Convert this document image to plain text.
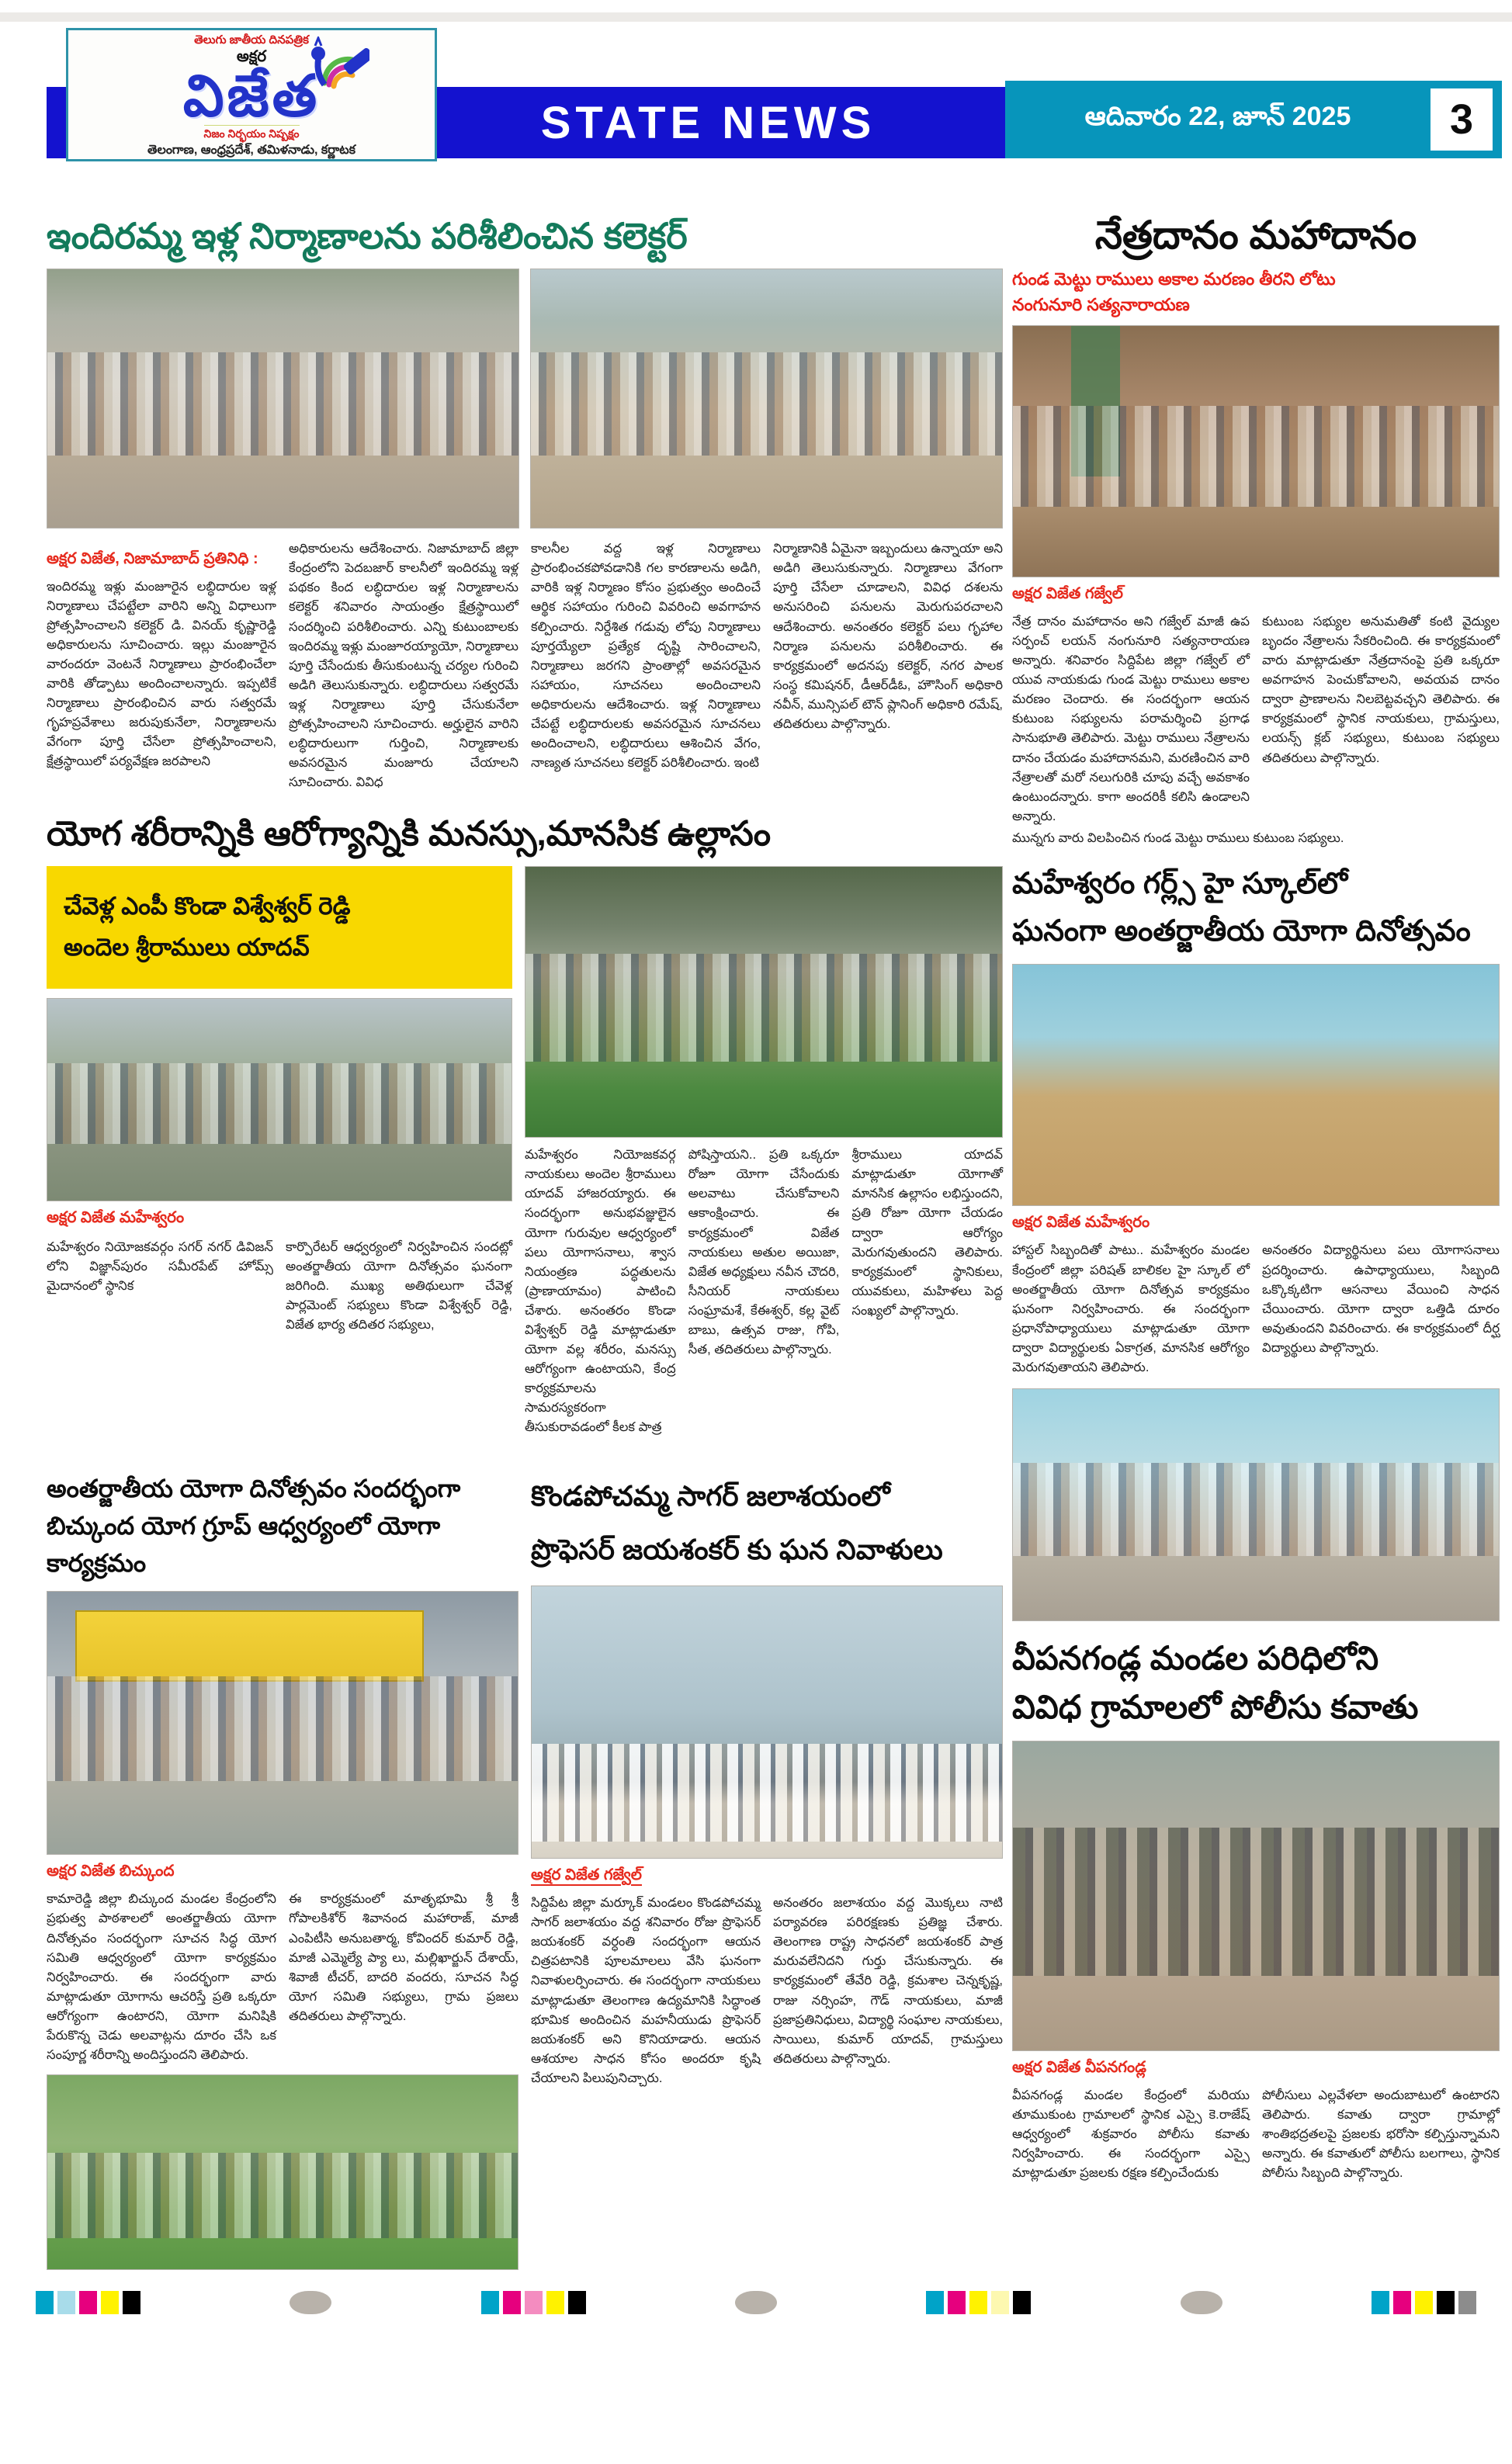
STATE NEWS
తెలుగు జాతీయ దినపత్రిక
అక్షర
విజేత
నిజం నిర్భయం నిష్పక్షం
తెలంగాణ, ఆంధ్రప్రదేశ్, తమిళనాడు, కర్ణాటక
ఆదివారం 22, జూన్ 2025	3
ఇందిరమ్మ ఇళ్ల నిర్మాణాలను పరిశీలించిన కలెక్టర్
అక్షర విజేత, నిజామాబాద్ ప్రతినిధి :
ఇందిరమ్మ ఇళ్లు మంజూరైన లబ్ధిదారుల ఇళ్ల నిర్మాణాలు చేపట్టేలా వారిని అన్ని విధాలుగా ప్రోత్సహించాలని కలెక్టర్ డి. వినయ్ కృష్ణారెడ్డి అధికారులను సూచించారు. ఇల్లు మంజూరైన వారందరూ వెంటనే నిర్మాణాలు ప్రారంభించేలా వారికి తోడ్పాటు అందించాలన్నారు. ఇప్పటికే నిర్మాణాలు ప్రారంభించిన వారు సత్వరమే గృహప్రవేశాలు జరుపుకునేలా, నిర్మాణాలను వేగంగా పూర్తి చేసేలా ప్రోత్సహించాలని, క్షేత్రస్థాయిలో పర్యవేక్షణ జరపాలని
అధికారులను ఆదేశించారు. నిజామాబాద్ జిల్లా కేంద్రంలోని పెదబజార్ కాలనీలో ఇందిరమ్మ ఇళ్ల పథకం కింద లబ్ధిదారుల ఇళ్ల నిర్మాణాలను కలెక్టర్ శనివారం సాయంత్రం క్షేత్రస్థాయిలో సందర్శించి పరిశీలించారు. ఎన్ని కుటుంబాలకు ఇందిరమ్మ ఇళ్లు మంజూరయ్యాయో, నిర్మాణాలు పూర్తి చేసేందుకు తీసుకుంటున్న చర్యల గురించి అడిగి తెలుసుకున్నారు. లబ్ధిదారులు సత్వరమే ఇళ్ల నిర్మాణాలు పూర్తి చేసుకునేలా ప్రోత్సహించాలని సూచించారు. అర్హులైన వారిని లబ్ధిదారులుగా గుర్తించి, నిర్మాణాలకు అవసరమైన మంజూరు చేయాలని సూచించారు. వివిధ
కాలనీల వద్ద ఇళ్ల నిర్మాణాలు ప్రారంభించకపోవడానికి గల కారణాలను అడిగి, వారికి ఇళ్ల నిర్మాణం కోసం ప్రభుత్వం అందించే ఆర్థిక సహాయం గురించి వివరించి అవగాహన కల్పించారు. నిర్దేశిత గడువు లోపు నిర్మాణాలు పూర్తయ్యేలా ప్రత్యేక దృష్టి సారించాలని, నిర్మాణాలు జరగని ప్రాంతాల్లో అవసరమైన సహాయం, సూచనలు అందించాలని అధికారులను ఆదేశించారు. ఇళ్ల నిర్మాణాలు చేపట్టే లబ్ధిదారులకు అవసరమైన సూచనలు అందించాలని, లబ్ధిదారులు ఆశించిన వేగం, నాణ్యత సూచనలు కలెక్టర్ పరిశీలించారు. ఇంటి
నిర్మాణానికి ఏమైనా ఇబ్బందులు ఉన్నాయా అని అడిగి తెలుసుకున్నారు. నిర్మాణాలు వేగంగా పూర్తి చేసేలా చూడాలని, వివిధ దశలను అనుసరించి పనులను మెరుగుపరచాలని ఆదేశించారు. అనంతరం కలెక్టర్ పలు గృహాల నిర్మాణ పనులను పరిశీలించారు. ఈ కార్యక్రమంలో అదనపు కలెక్టర్, నగర పాలక సంస్థ కమిషనర్, డీఆర్‌డీఓ, హౌసింగ్ అధికారి నవీన్, మున్సిపల్ టౌన్ ప్లానింగ్ అధికారి రమేష్, తదితరులు పాల్గొన్నారు.
యోగ శరీరాన్నికి ఆరోగ్యాన్నికి మనస్సు,మానసిక ఉల్లాసం
చేవెళ్ల ఎంపీ కొండా విశ్వేశ్వర్ రెడ్డి
అందెల శ్రీరాములు యాదవ్
అక్షర విజేత మహేశ్వరం
మహేశ్వరం నియోజకవర్గం సగర్ నగర్ డివిజన్ లోని విజ్ఞాన్‌పురం సమీరపేట్ హోమ్స్ మైదానంలో స్థానిక
కార్పొరేటర్ ఆధ్వర్యంలో నిర్వహించిన సందట్లో అంతర్జాతీయ యోగా దినోత్సవం ఘనంగా జరిగింది. ముఖ్య అతిథులుగా చేవెళ్ల పార్లమెంట్ సభ్యులు కొండా విశ్వేశ్వర్ రెడ్డి, విజేత భార్య తదితర సభ్యులు,
మహేశ్వరం నియోజకవర్గ నాయకులు అందెల శ్రీరాములు యాదవ్ హాజరయ్యారు. ఈ సందర్భంగా అనుభవజ్ఞులైన యోగా గురువుల ఆధ్వర్యంలో పలు యోగాసనాలు, శ్వాస నియంత్రణ పద్ధతులను (ప్రాణాయామం) పాటించి చేశారు. అనంతరం కొండా విశ్వేశ్వర్ రెడ్డి మాట్లాడుతూ యోగా వల్ల శరీరం, మనస్సు ఆరోగ్యంగా ఉంటాయని, కేంద్ర కార్యక్రమాలను సామరస్యకరంగా తీసుకురావడంలో కీలక పాత్ర
పోషిస్తాయని.. ప్రతి ఒక్కరూ రోజూ యోగా చేసేందుకు అలవాటు చేసుకోవాలని ఆకాంక్షించారు. ఈ కార్యక్రమంలో విజేత నాయకులు అతుల అయిజా, విజేత అధ్యక్షులు నవీన చౌదరి, సీనియర్ నాయకులు సంఘ్రామశే, కేఈశ్వర్, కల్ల వైట్ బాబు, ఉత్సవ రాజు, గోపి, సీత, తదితరులు పాల్గొన్నారు.
శ్రీరాములు యాదవ్ మాట్లాడుతూ యోగాతో మానసిక ఉల్లాసం లభిస్తుందని, ప్రతి రోజూ యోగా చేయడం ద్వారా ఆరోగ్యం మెరుగవుతుందని తెలిపారు. కార్యక్రమంలో స్థానికులు, యువకులు, మహిళలు పెద్ద సంఖ్యలో పాల్గొన్నారు.
అంతర్జాతీయ యోగా దినోత్సవం సందర్భంగా
బిచ్కుంద యోగ గ్రూప్ ఆధ్వర్యంలో యోగా కార్యక్రమం
అక్షర విజేత బిచ్కుంద
కామారెడ్డి జిల్లా బిచ్కుంద మండల కేంద్రంలోని ప్రభుత్వ పాఠశాలలో అంతర్జాతీయ యోగా దినోత్సవం సందర్భంగా సూచన సిద్ధ యోగ సమితి ఆధ్వర్యంలో యోగా కార్యక్రమం నిర్వహించారు. ఈ సందర్భంగా వారు మాట్లాడుతూ యోగాను ఆచరిస్తే ప్రతి ఒక్కరూ ఆరోగ్యంగా ఉంటారని, యోగా మనిషికి పేరుకొన్న చెడు అలవాట్లను దూరం చేసి ఒక సంపూర్ణ శరీరాన్ని అందిస్తుందని తెలిపారు.
ఈ కార్యక్రమంలో మాతృభూమి శ్రీ శ్రీ గోపాలకిశోర్ శివానంద మహారాజ్, మాజీ ఎంపిటీసి అనుబతార్మ, కోవిందర్ కుమార్ రెడ్డి, మాజీ ఎమ్మెల్యే ప్యా లు, మల్లిఖార్జున్ దేశాయ్, శివాజీ టీచర్, బాదరి వందరు, సూచన సిద్ధ యోగ సమితి సభ్యులు, గ్రామ ప్రజలు తదితరులు పాల్గొన్నారు.
కొండపోచమ్మ సాగర్ జలాశయంలో
ప్రొఫెసర్ జయశంకర్ కు ఘన నివాళులు
అక్షర విజేత గజ్వేల్
సిద్దిపేట జిల్లా మర్కూక్ మండలం కొండపోచమ్మ సాగర్ జలాశయం వద్ద శనివారం రోజు ప్రొఫెసర్ జయశంకర్ వర్ధంతి సందర్భంగా ఆయన చిత్రపటానికి పూలమాలలు వేసి ఘనంగా నివాళులర్పించారు. ఈ సందర్భంగా నాయకులు మాట్లాడుతూ తెలంగాణ ఉద్యమానికి సిద్ధాంత భూమిక అందించిన మహనీయుడు ప్రొఫెసర్ జయశంకర్ అని కొనియాడారు. ఆయన ఆశయాల సాధన కోసం అందరూ కృషి చేయాలని పిలుపునిచ్చారు.
అనంతరం జలాశయం వద్ద మొక్కలు నాటి పర్యావరణ పరిరక్షణకు ప్రతిజ్ఞ చేశారు. తెలంగాణ రాష్ట్ర సాధనలో జయశంకర్ పాత్ర మరువలేనిదని గుర్తు చేసుకున్నారు. ఈ కార్యక్రమంలో తేవేరి రెడ్డి, క్రమశాల చెన్నకృష్ణ, రాజు నర్సింహ, గౌడ్ నాయకులు, మాజీ ప్రజాప్రతినిధులు, విద్యార్థి సంఘాల నాయకులు, సాయిలు, కుమార్ యాదవ్, గ్రామస్తులు తదితరులు పాల్గొన్నారు.
నేత్రదానం మహాదానం
గుండ మెట్టు రాములు అకాల మరణం తీరని లోటు
నంగునూరి సత్యనారాయణ
అక్షర విజేత గజ్వేల్
నేత్ర దానం మహాదానం అని గజ్వేల్ మాజీ ఉప సర్పంచ్ లయన్ నంగునూరి సత్యనారాయణ అన్నారు. శనివారం సిద్దిపేట జిల్లా గజ్వేల్ లో యువ నాయకుడు గుండ మెట్టు రాములు అకాల మరణం చెందారు. ఈ సందర్భంగా ఆయన కుటుంబ సభ్యులను పరామర్శించి ప్రగాఢ సానుభూతి తెలిపారు. మెట్టు రాములు నేత్రాలను దానం చేయడం మహాదానమని, మరణించిన వారి నేత్రాలతో మరో నలుగురికి చూపు వచ్చే అవకాశం ఉంటుందన్నారు. కాగా అందరికీ కలిసి ఉండాలని అన్నారు.
కుటుంబ సభ్యుల అనుమతితో కంటి వైద్యుల బృందం నేత్రాలను సేకరించింది. ఈ కార్యక్రమంలో వారు మాట్లాడుతూ నేత్రదానంపై ప్రతి ఒక్కరూ అవగాహన పెంచుకోవాలని, అవయవ దానం ద్వారా ప్రాణాలను నిలబెట్టవచ్చని తెలిపారు. ఈ కార్యక్రమంలో స్థానిక నాయకులు, గ్రామస్తులు, లయన్స్ క్లబ్ సభ్యులు, కుటుంబ సభ్యులు తదితరులు పాల్గొన్నారు.
మున్నగు వారు విలపించిన గుండ మెట్టు రాములు కుటుంబ సభ్యులు.
మహేశ్వరం గర్ల్స్ హై స్కూల్‌లో
ఘనంగా అంతర్జాతీయ యోగా దినోత్సవం
అక్షర విజేత మహేశ్వరం
హాస్టల్ సిబ్బందితో పాటు.. మహేశ్వరం మండల కేంద్రంలో జిల్లా పరిషత్ బాలికల హై స్కూల్ లో అంతర్జాతీయ యోగా దినోత్సవ కార్యక్రమం ఘనంగా నిర్వహించారు. ఈ సందర్భంగా ప్రధానోపాధ్యాయులు మాట్లాడుతూ యోగా ద్వారా విద్యార్థులకు ఏకాగ్రత, మానసిక ఆరోగ్యం మెరుగవుతాయని తెలిపారు.
అనంతరం విద్యార్థినులు పలు యోగాసనాలు ప్రదర్శించారు. ఉపాధ్యాయులు, సిబ్బంది ఒక్కొక్కటిగా ఆసనాలు వేయించి సాధన చేయించారు. యోగా ద్వారా ఒత్తిడి దూరం అవుతుందని వివరించారు. ఈ కార్యక్రమంలో దీర్ఘ విద్యార్థులు పాల్గొన్నారు.
వీపనగండ్ల మండల పరిధిలోని
వివిధ గ్రామాలలో పోలీసు కవాతు
అక్షర విజేత వీపనగండ్ల
వీపనగండ్ల మండల కేంద్రంలో మరియు తూముకుంట గ్రామాలలో స్థానిక ఎస్సై కె.రాజేష్ ఆధ్వర్యంలో శుక్రవారం పోలీసు కవాతు నిర్వహించారు. ఈ సందర్భంగా ఎస్సై మాట్లాడుతూ ప్రజలకు రక్షణ కల్పించేందుకు
పోలీసులు ఎల్లవేళలా అందుబాటులో ఉంటారని తెలిపారు. కవాతు ద్వారా గ్రామాల్లో శాంతిభద్రతలపై ప్రజలకు భరోసా కల్పిస్తున్నామని అన్నారు. ఈ కవాతులో పోలీసు బలగాలు, స్థానిక పోలీసు సిబ్బంది పాల్గొన్నారు.
